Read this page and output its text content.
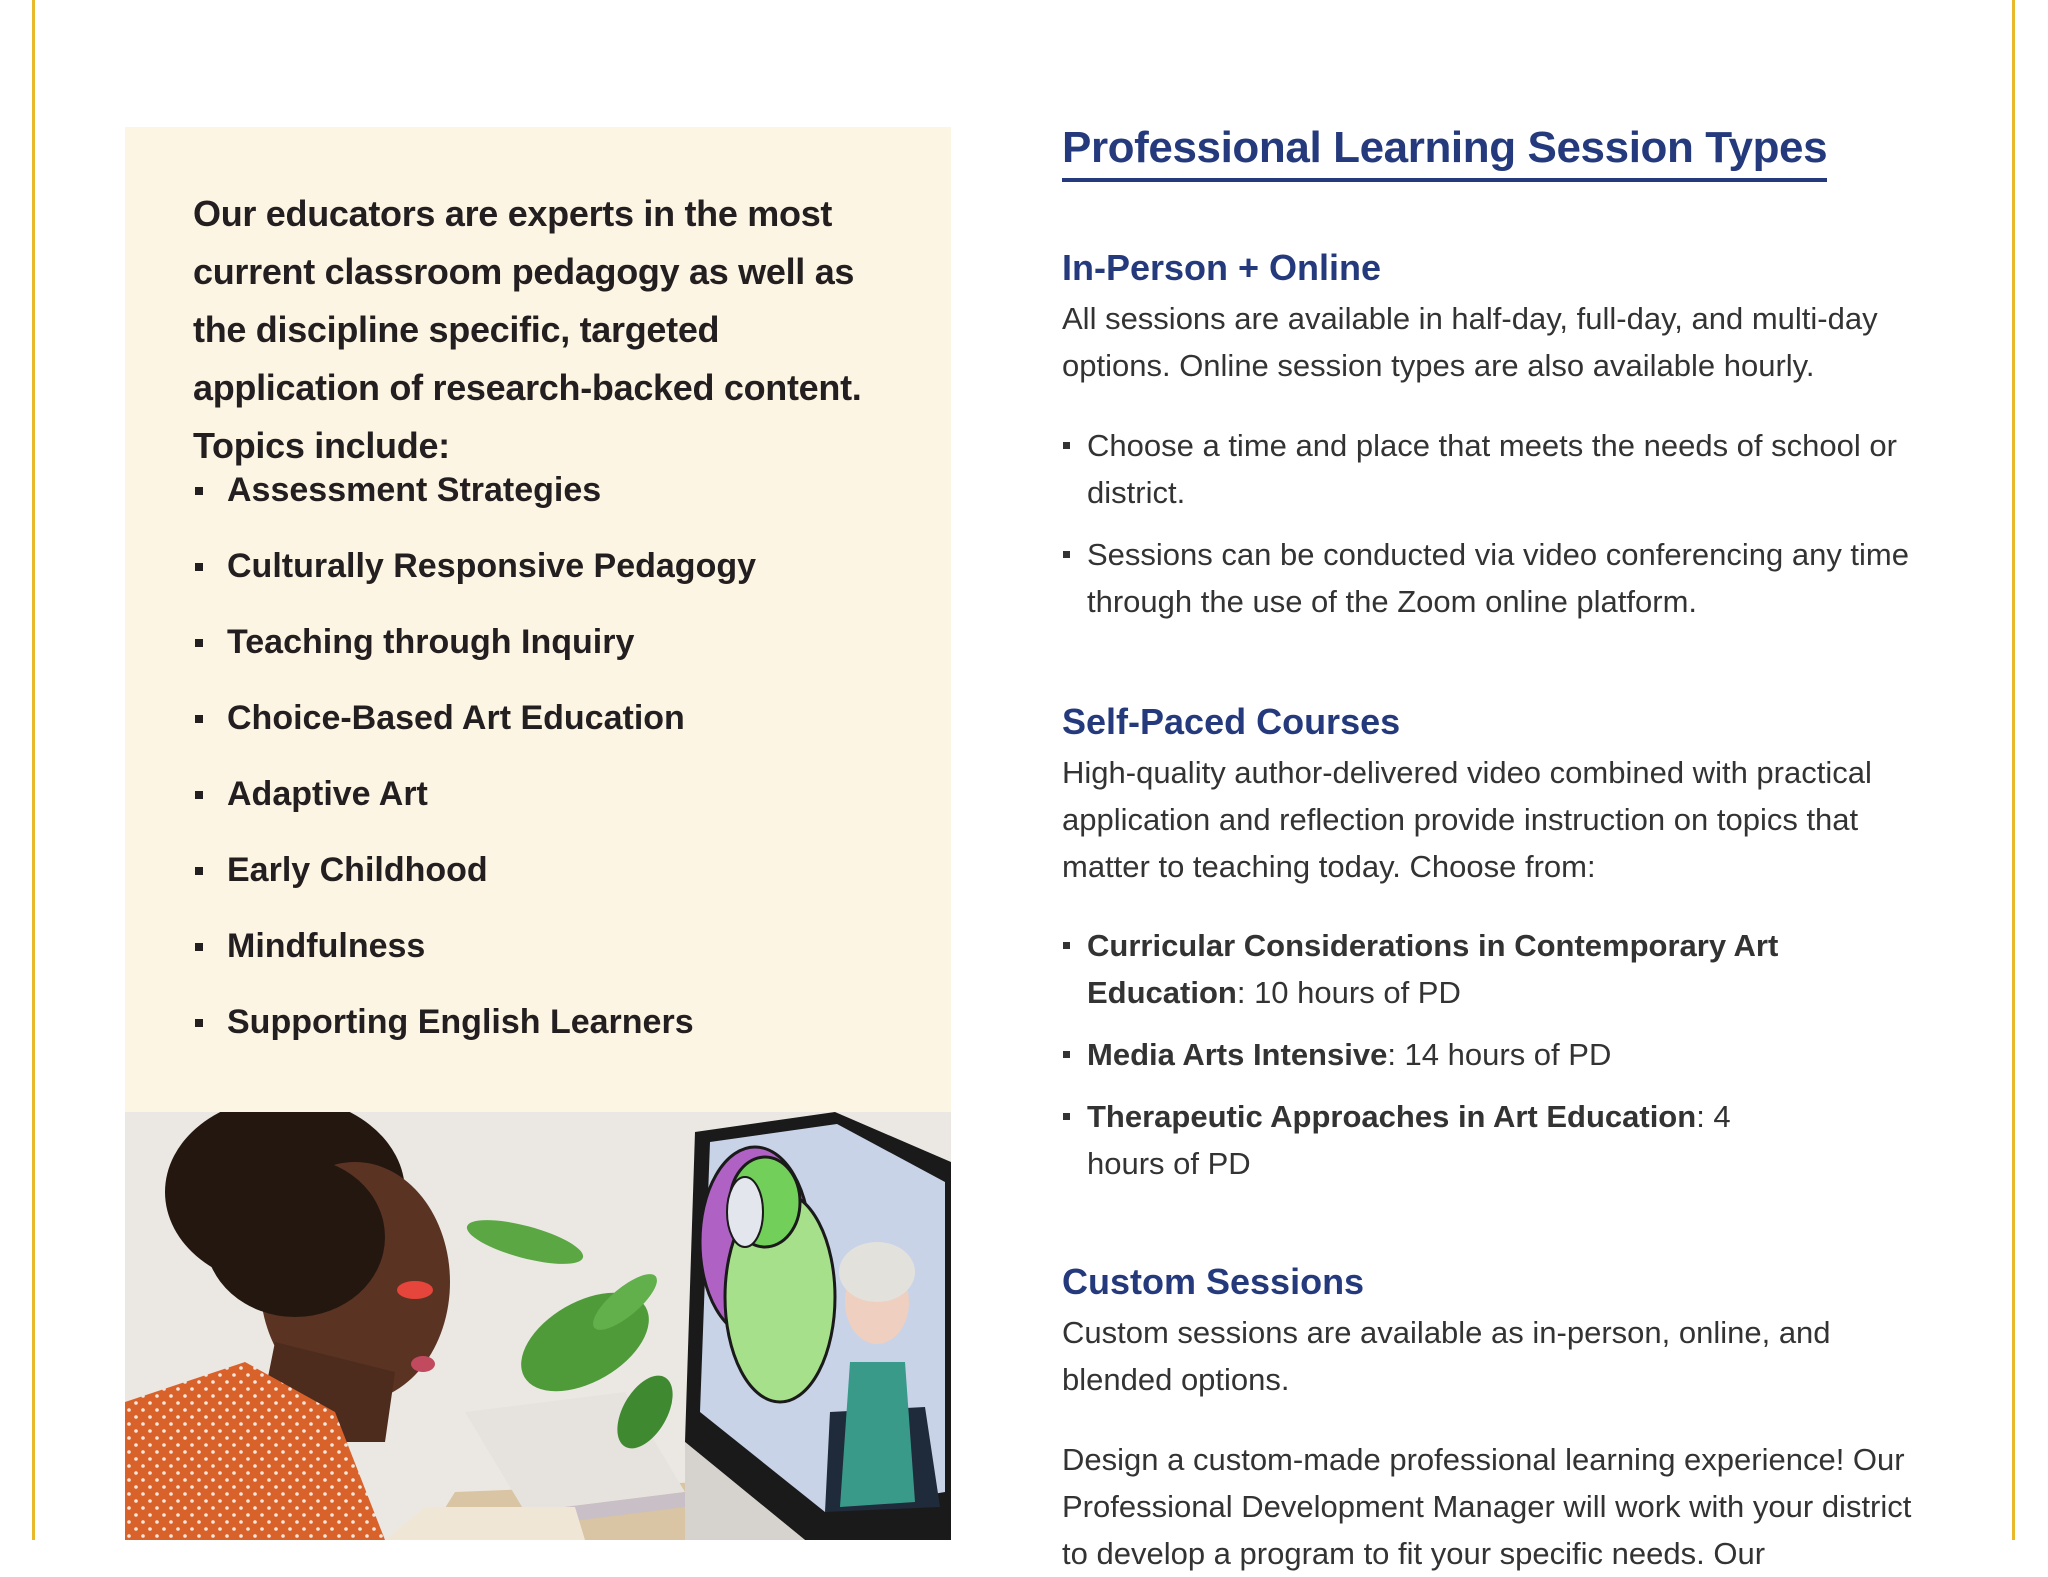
Our educators are experts in the most current classroom pedagogy as well as the discipline specific, targeted application of research-backed content. Topics include:
Assessment Strategies
Culturally Responsive Pedagogy
Teaching through Inquiry
Choice-Based Art Education
Adaptive Art
Early Childhood
Mindfulness
Supporting English Learners
Professional Learning Session Types
In-Person + Online
All sessions are available in half-day, full-day, and multi-day options. Online session types are also available hourly.
Choose a time and place that meets the needs of school or district.
Sessions can be conducted via video conferencing any time through the use of the Zoom online platform.
Self-Paced Courses
High-quality author-delivered video combined with practical application and reflection provide instruction on topics that matter to teaching today. Choose from:
Curricular Considerations in Contemporary Art Education: 10 hours of PD
Media Arts Intensive: 14 hours of PD
Therapeutic Approaches in Art Education: 4 hours of PD
Custom Sessions
Custom sessions are available as in-person, online, and blended options.
Design a custom-made professional learning experience! Our Professional Development Manager will work with your district to develop a program to fit your specific needs. Our
